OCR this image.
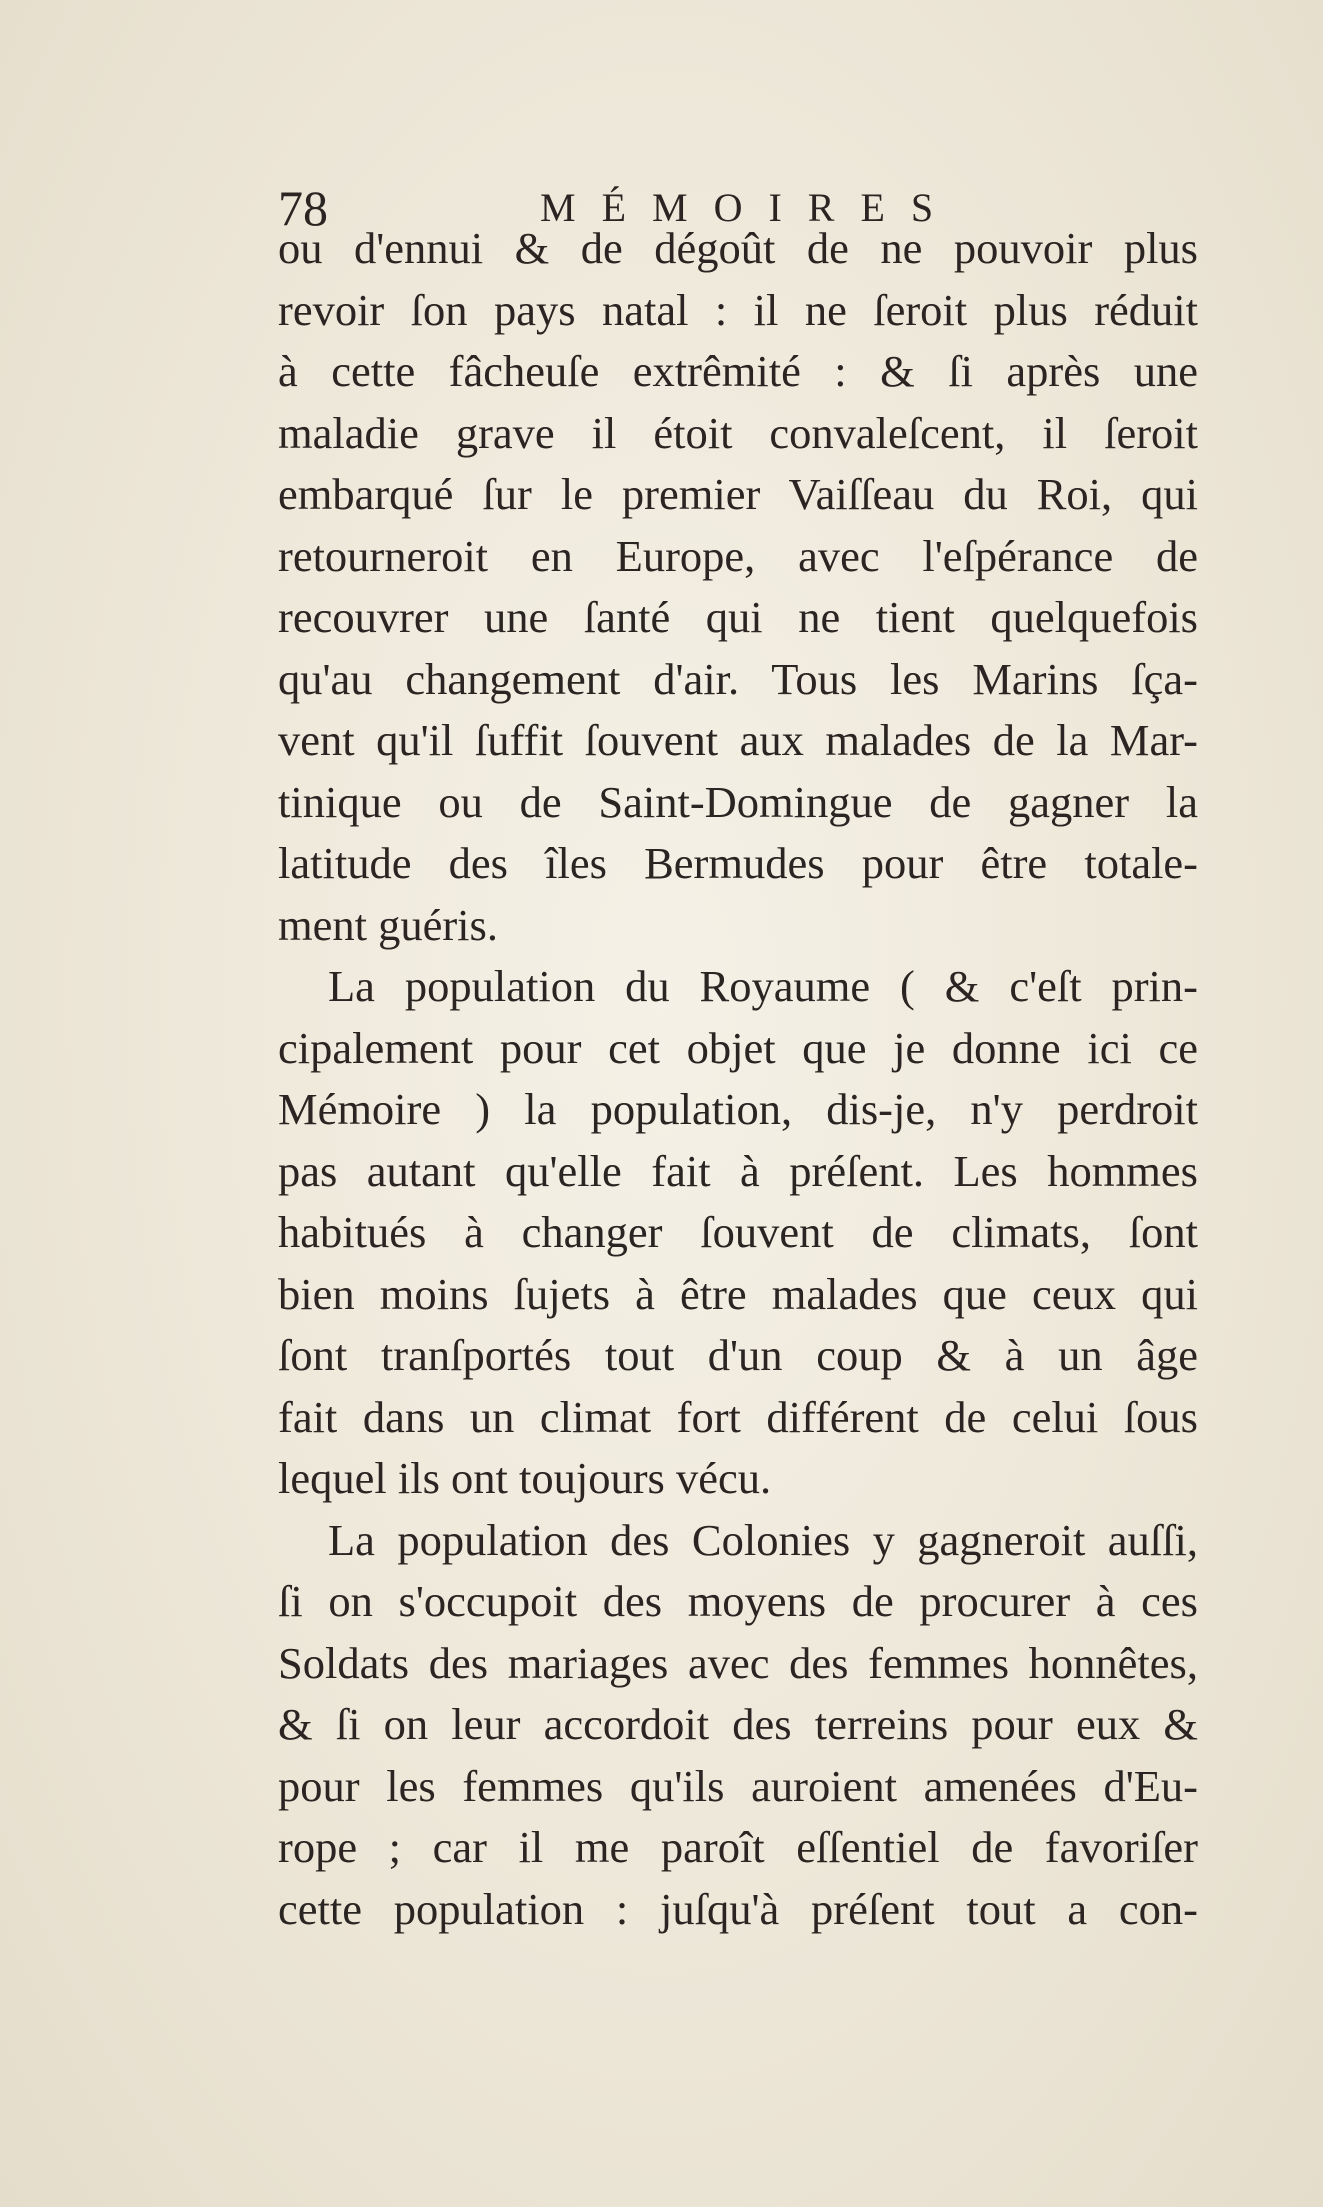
78	MÉMOIRES
ou d'ennui & de dégoût de ne pouvoir plus
revoir ſon pays natal : il ne ſeroit plus réduit
à cette fâcheuſe extrêmité : & ſi après une
maladie grave il étoit convaleſcent, il ſeroit
embarqué ſur le premier Vaiſſeau du Roi, qui
retourneroit en Europe, avec l'eſpérance de
recouvrer une ſanté qui ne tient quelquefois
qu'au changement d'air. Tous les Marins ſça-
vent qu'il ſuffit ſouvent aux malades de la Mar-
tinique ou de Saint-Domingue de gagner la
latitude des îles Bermudes pour être totale-
ment guéris.
La population du Royaume ( & c'eſt prin-
cipalement pour cet objet que je donne ici ce
Mémoire ) la population, dis-je, n'y perdroit
pas autant qu'elle fait à préſent. Les hommes
habitués à changer ſouvent de climats, ſont
bien moins ſujets à être malades que ceux qui
ſont tranſportés tout d'un coup & à un âge
fait dans un climat fort différent de celui ſous
lequel ils ont toujours vécu.
La population des Colonies y gagneroit auſſi,
ſi on s'occupoit des moyens de procurer à ces
Soldats des mariages avec des femmes honnêtes,
& ſi on leur accordoit des terreins pour eux &
pour les femmes qu'ils auroient amenées d'Eu-
rope ; car il me paroît eſſentiel de favoriſer
cette population : juſqu'à préſent tout a con-
